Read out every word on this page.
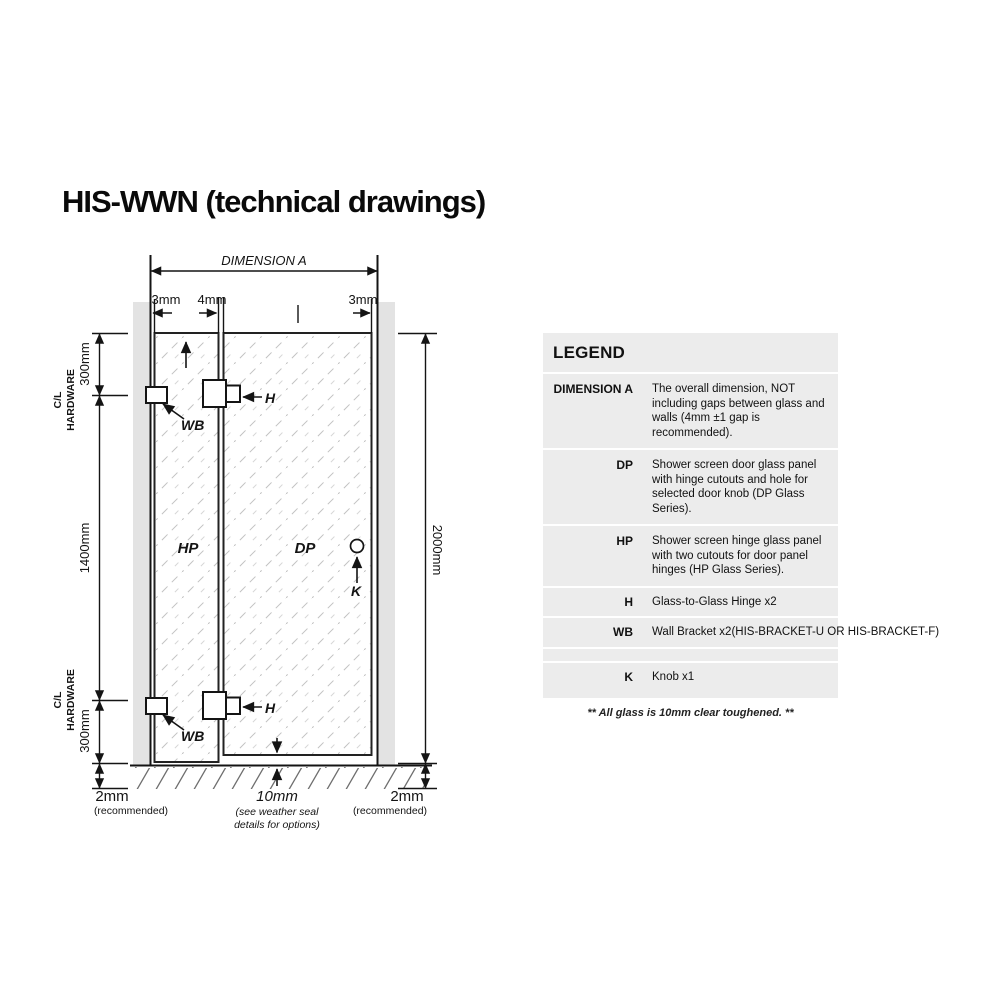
HIS-WWN (technical drawings)
HP	DP
K
H
H
WB
WB
DIMENSION A
3mm 4mm	3mm
300mm
C/L HARDWARE
1400mm
C/L HARDWARE
300mm
2000mm
2mm
(recommended)
10mm
(see weather seal
details for options)
2mm
(recommended)
LEGEND
DIMENSION A The overall dimension, NOT including gaps between glass and walls (4mm ±1 gap is recommended).
DP Shower screen door glass panel with hinge cutouts and hole for selected door knob (DP Glass Series).
HP Shower screen hinge glass panel with two cutouts for door panel hinges (HP Glass Series).
H Glass-to-Glass Hinge x2
WB Wall Bracket x2(HIS-BRACKET-U OR HIS-BRACKET-F)
K Knob x1
** All glass is 10mm clear toughened. **
